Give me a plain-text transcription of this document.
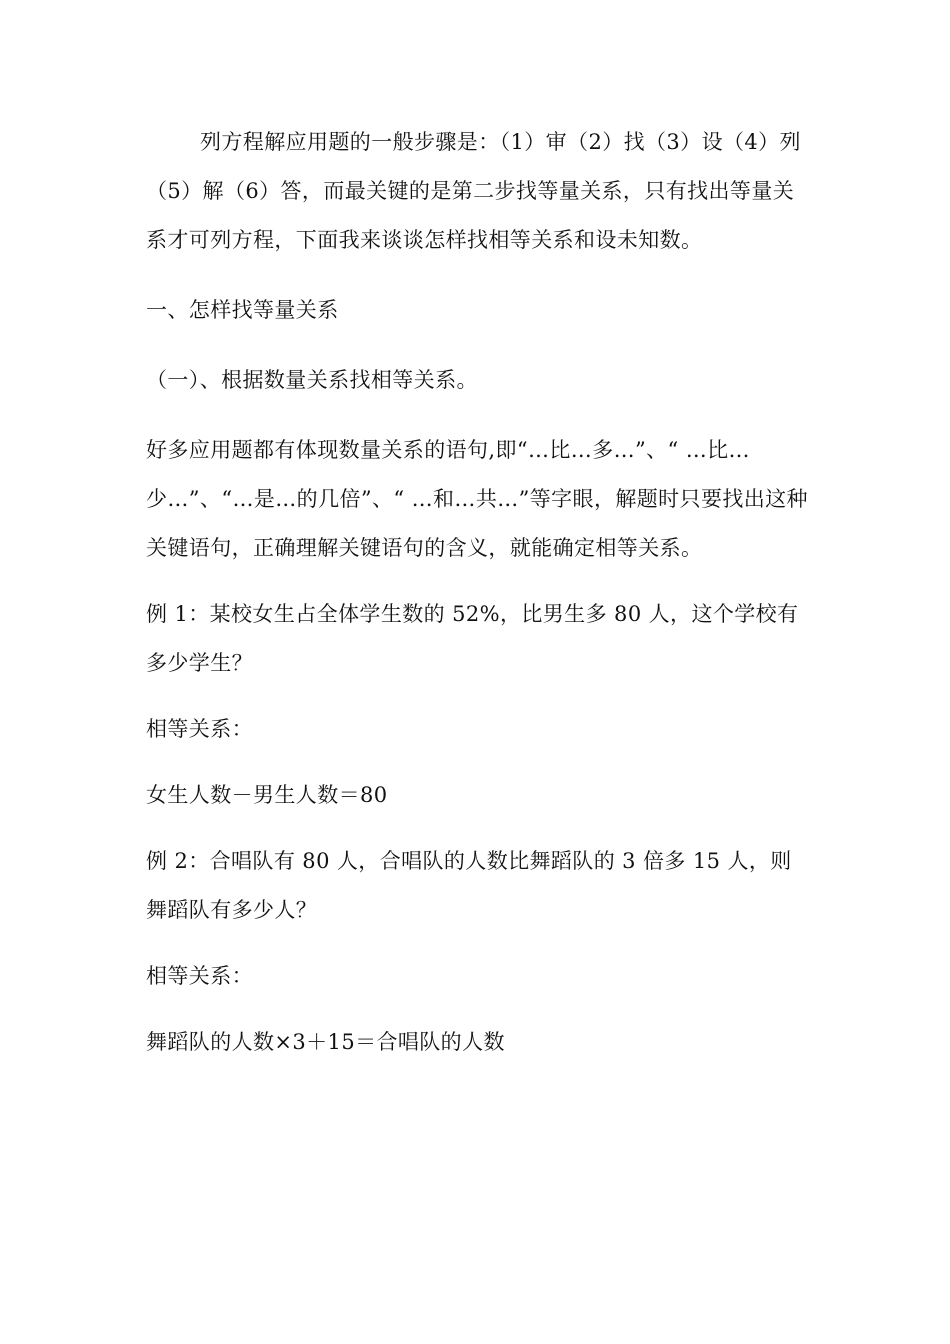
列方程解应用题的一般步骤是：（1）审（2）找（3）设（4）列（5）解（6）答，而最关键的是第二步找等量关系，只有找出等量关系才可列方程，下面我来谈谈怎样找相等关系和设未知数。

一、怎样找等量关系

（一）、根据数量关系找相等关系。

好多应用题都有体现数量关系的语句,即“…比…多…”、“ …比…少…”、“…是…的几倍”、“ …和…共…”等字眼，解题时只要找出这种关键语句，正确理解关键语句的含义，就能确定相等关系。

例 1：某校女生占全体学生数的 52%，比男生多 80 人，这个学校有多少学生？

相等关系：

女生人数－男生人数＝80

例 2：合唱队有 80 人，合唱队的人数比舞蹈队的 3 倍多 15 人，则舞蹈队有多少人？

相等关系：

舞蹈队的人数×3＋15＝合唱队的人数
